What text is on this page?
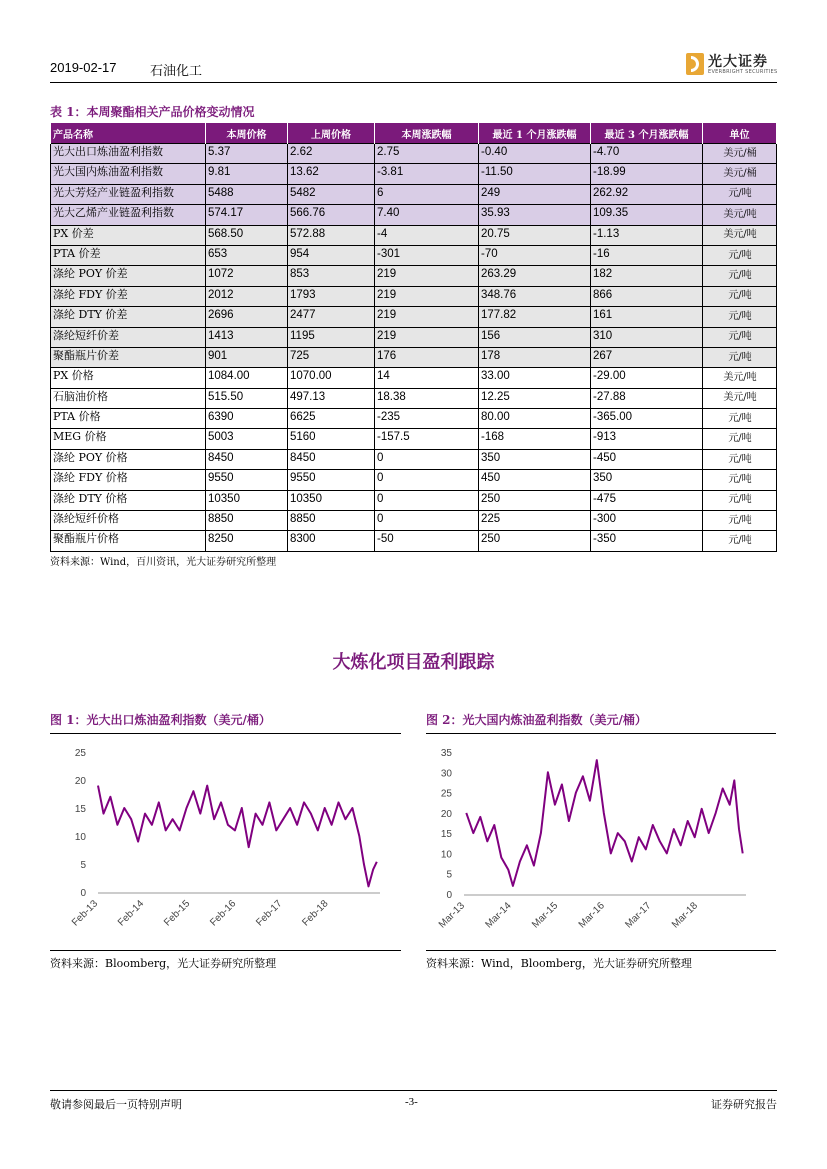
2019-02-17	石油化工
光大证券
EVERBRIGHT SECURITIES
表 1：本周聚酯相关产品价格变动情况
产品名称	本周价格	上周价格	本周涨跌幅	最近 1 个月涨跌幅	最近 3 个月涨跌幅	单位
光大出口炼油盈利指数	5.37	2.62	2.75	-0.40	-4.70	美元/桶
光大国内炼油盈利指数	9.81	13.62	-3.81	-11.50	-18.99	美元/桶
光大芳烃产业链盈利指数	5488	5482	6	249	262.92	元/吨
光大乙烯产业链盈利指数	574.17	566.76	7.40	35.93	109.35	美元/吨
PX 价差	568.50	572.88	-4	20.75	-1.13	美元/吨
PTA 价差	653	954	-301	-70	-16	元/吨
涤纶 POY 价差	1072	853	219	263.29	182	元/吨
涤纶 FDY 价差	2012	1793	219	348.76	866	元/吨
涤纶 DTY 价差	2696	2477	219	177.82	161	元/吨
涤纶短纤价差	1413	1195	219	156	310	元/吨
聚酯瓶片价差	901	725	176	178	267	元/吨
PX 价格	1084.00	1070.00	14	33.00	-29.00	美元/吨
石脑油价格	515.50	497.13	18.38	12.25	-27.88	美元/吨
PTA 价格	6390	6625	-235	80.00	-365.00	元/吨
MEG 价格	5003	5160	-157.5	-168	-913	元/吨
涤纶 POY 价格	8450	8450	0	350	-450	元/吨
涤纶 FDY 价格	9550	9550	0	450	350	元/吨
涤纶 DTY 价格	10350	10350	0	250	-475	元/吨
涤纶短纤价格	8850	8850	0	225	-300	元/吨
聚酯瓶片价格	8250	8300	-50	250	-350	元/吨
资料来源：Wind，百川资讯，光大证券研究所整理
大炼化项目盈利跟踪
图 1：光大出口炼油盈利指数（美元/桶）
25
20
15
10
5
0
Feb-13 Feb-14 Feb-15 Feb-16 Feb-17 Feb-18
资料来源：Bloomberg，光大证券研究所整理
图 2：光大国内炼油盈利指数（美元/桶）
35
30
25
20
15
10
5
0
Mar-13 Mar-14 Mar-15 Mar-16 Mar-17 Mar-18
资料来源：Wind，Bloomberg，光大证券研究所整理
敬请参阅最后一页特别声明	-3-	证券研究报告
